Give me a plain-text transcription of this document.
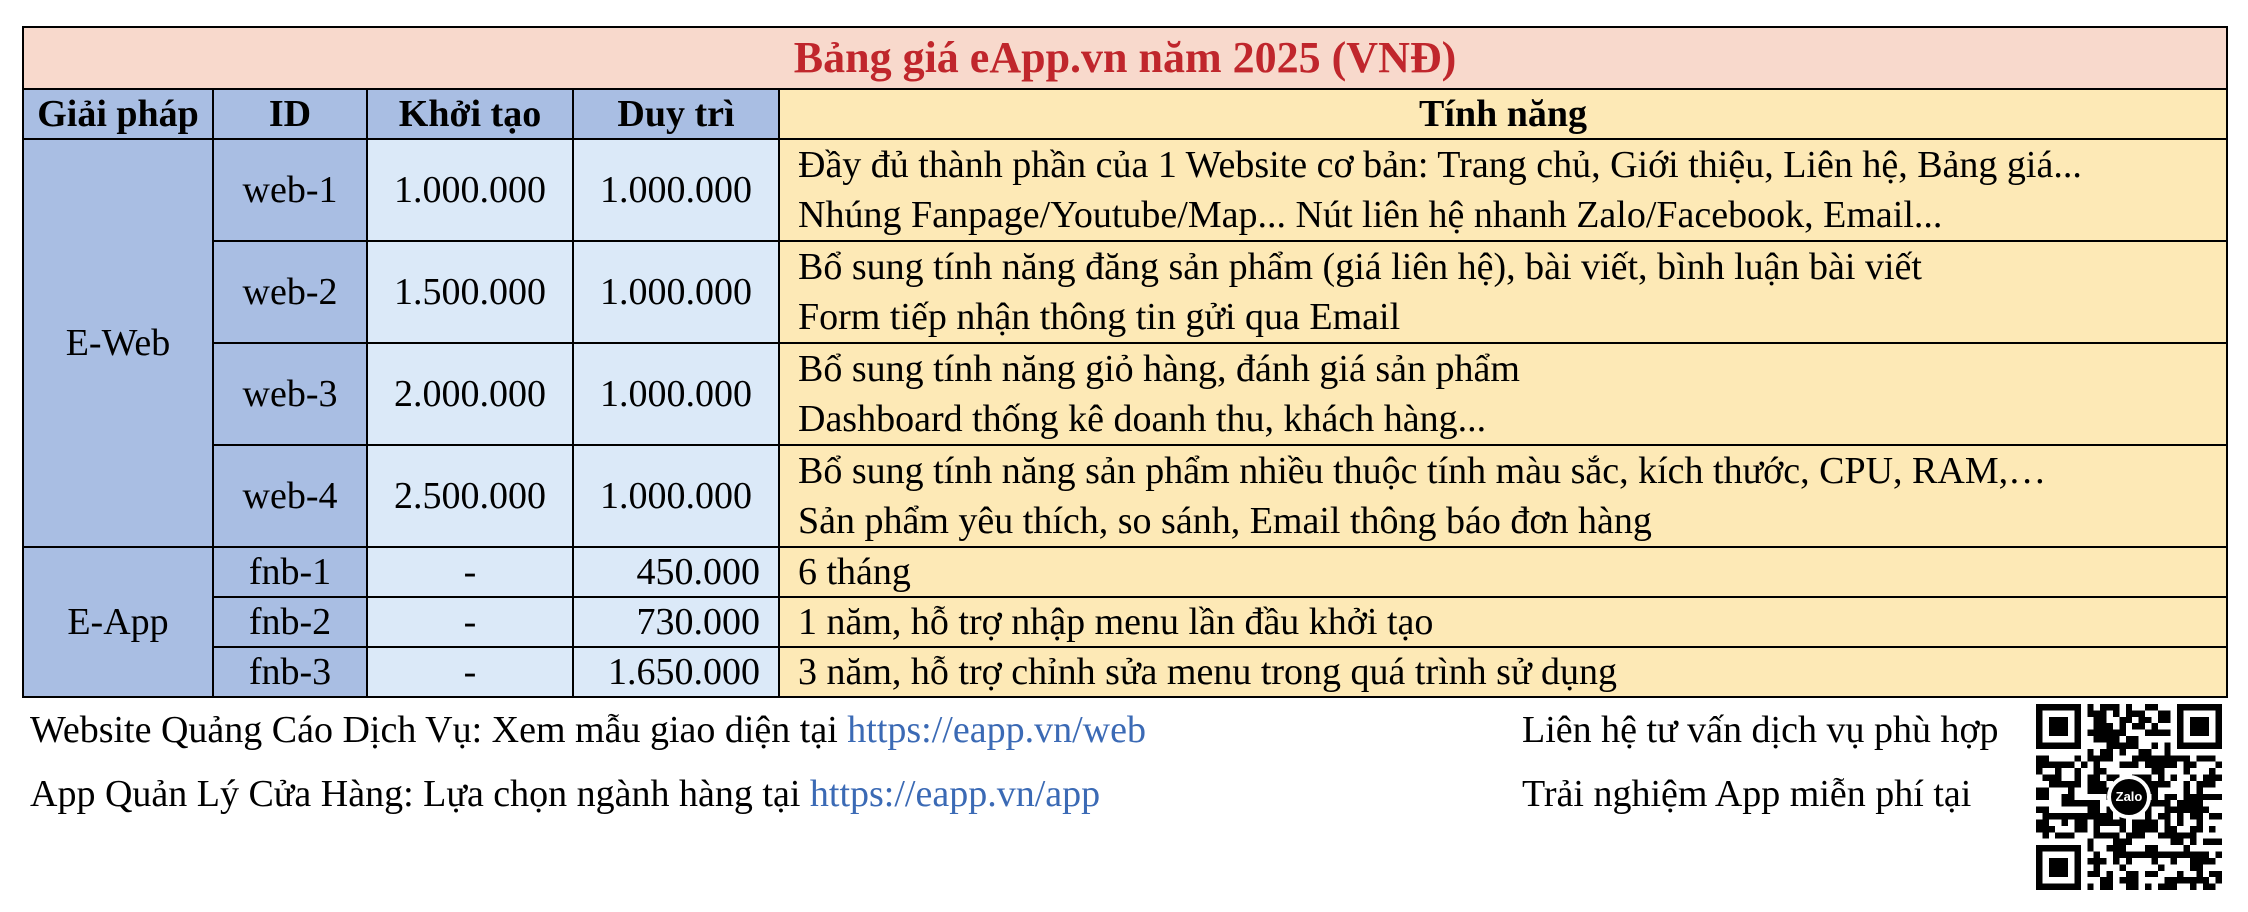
Bảng giá eApp.vn năm 2025 (VNĐ)				
Giải pháp	ID	Khởi tạo	Duy trì	Tính năng
E-Web	web-1	1.000.000	1.000.000	Đầy đủ thành phần của 1 Website cơ bản: Trang chủ, Giới thiệu, Liên hệ, Bảng giá...
Nhúng Fanpage/Youtube/Map... Nút liên hệ nhanh Zalo/Facebook, Email...

	web-2	1.500.000	1.000.000	Bổ sung tính năng đăng sản phẩm (giá liên hệ), bài viết, bình luận bài viết
Form tiếp nhận thông tin gửi qua Email

	web-3	2.000.000	1.000.000	Bổ sung tính năng giỏ hàng, đánh giá sản phẩm
Dashboard thống kê doanh thu, khách hàng...

	web-4	2.500.000	1.000.000	Bổ sung tính năng sản phẩm nhiều thuộc tính màu sắc, kích thước, CPU, RAM,…
Sản phẩm yêu thích, so sánh, Email thông báo đơn hàng

E-App	fnb-1	-	450.000	6 tháng

	fnb-2	-	730.000	1 năm, hỗ trợ nhập menu lần đầu khởi tạo

	fnb-3	-	1.650.000	3 năm, hỗ trợ chỉnh sửa menu trong quá trình sử dụng
Website Quảng Cáo Dịch Vụ: Xem mẫu giao diện tại https://eapp.vn/web
App Quản Lý Cửa Hàng: Lựa chọn ngành hàng tại https://eapp.vn/app
Liên hệ tư vấn dịch vụ phù hợp
Trải nghiệm App miễn phí tại	Zalo
